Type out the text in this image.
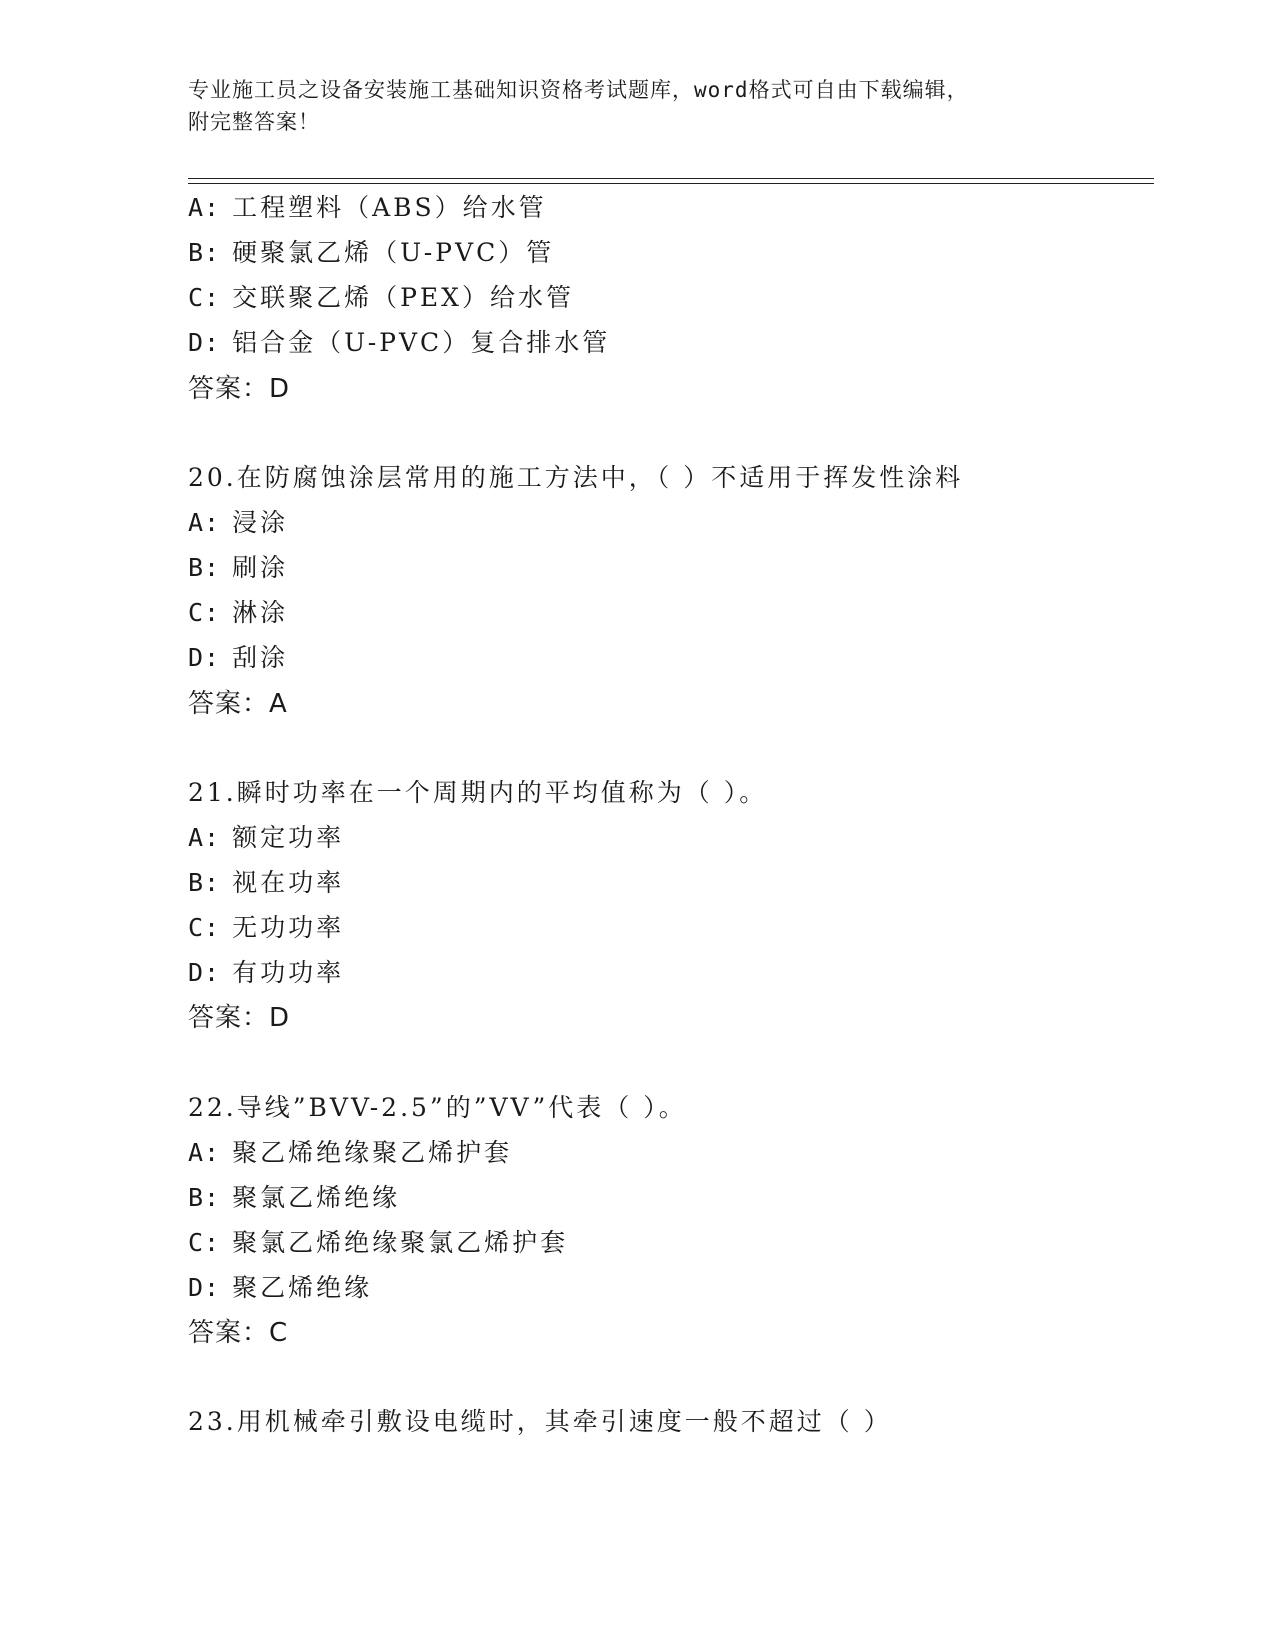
专业施工员之设备安装施工基础知识资格考试题库，word格式可自由下载编辑，
附完整答案！
A: 工程塑料（ABS）给水管
B: 硬聚氯乙烯（U-PVC）管
C: 交联聚乙烯（PEX）给水管
D: 铝合金（U-PVC）复合排水管
答案：D
20.在防腐蚀涂层常用的施工方法中，（ ）不适用于挥发性涂料
A: 浸涂
B: 刷涂
C: 淋涂
D: 刮涂
答案：A
21.瞬时功率在一个周期内的平均值称为（ ）。
A: 额定功率
B: 视在功率
C: 无功功率
D: 有功功率
答案：D
22.导线”BVV-2.5”的”VV”代表（ ）。
A: 聚乙烯绝缘聚乙烯护套
B: 聚氯乙烯绝缘
C: 聚氯乙烯绝缘聚氯乙烯护套
D: 聚乙烯绝缘
答案：C
23.用机械牵引敷设电缆时，其牵引速度一般不超过（ ）
